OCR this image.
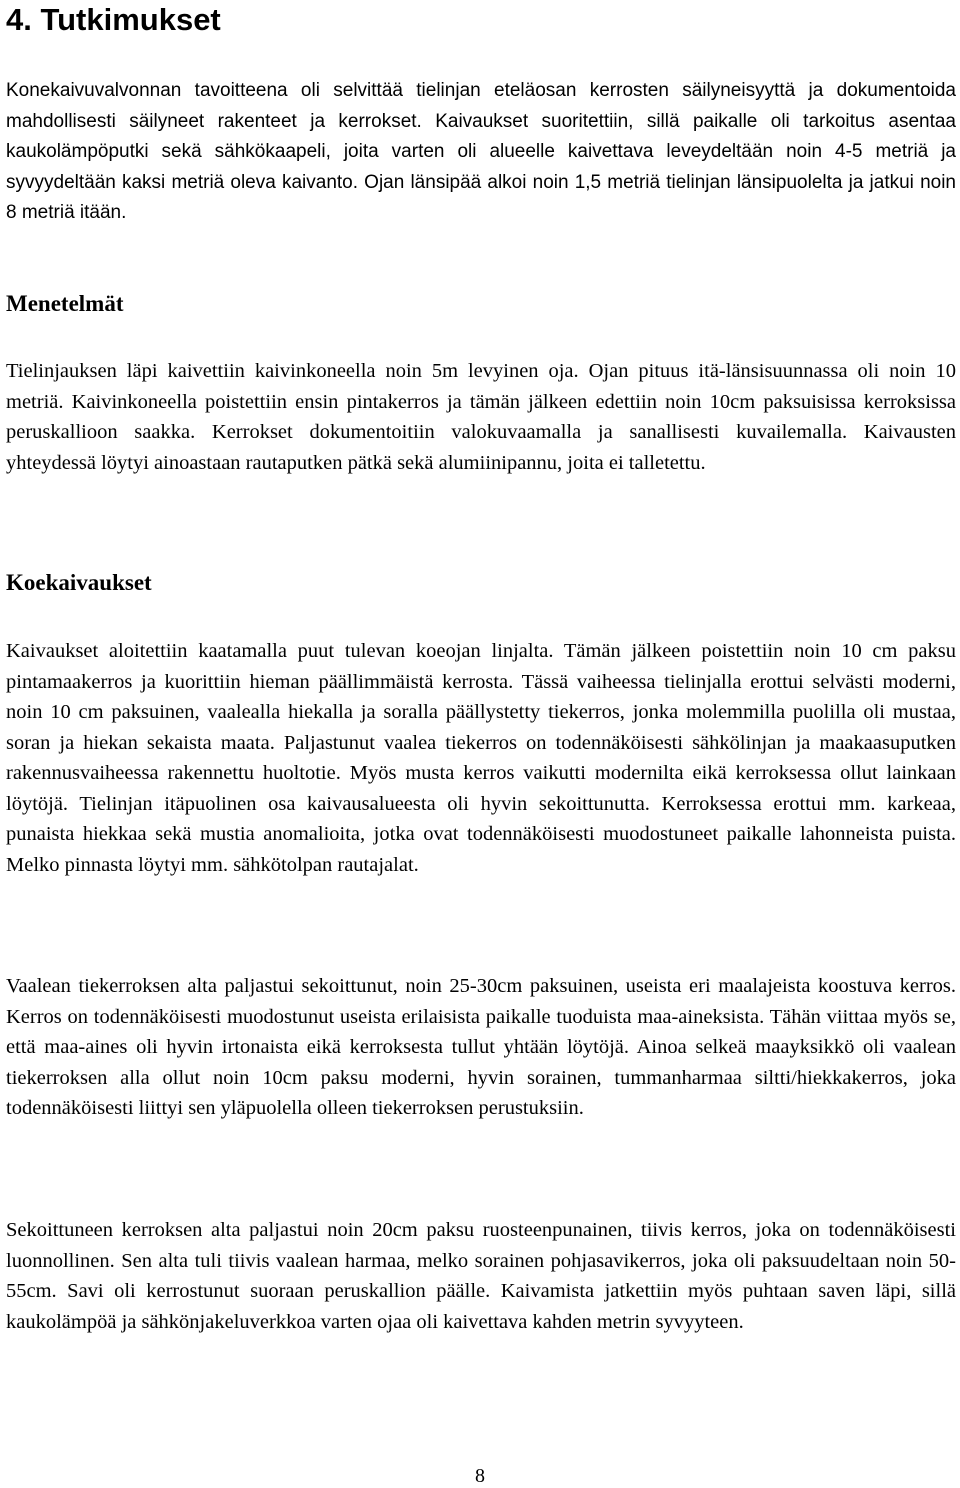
4. Tutkimukset

Konekaivuvalvonnan tavoitteena oli selvittää tielinjan eteläosan kerrosten säilyneisyyttä ja dokumentoida mahdollisesti säilyneet rakenteet ja kerrokset. Kaivaukset suoritettiin, sillä paikalle oli tarkoitus asentaa kaukolämpöputki sekä sähkökaapeli, joita varten oli alueelle kaivettava leveydeltään noin 4-5 metriä ja syvyydeltään kaksi metriä oleva kaivanto. Ojan länsipää alkoi noin 1,5 metriä tielinjan länsipuolelta ja jatkui noin 8 metriä itään.

Menetelmät

Tielinjauksen läpi kaivettiin kaivinkoneella noin 5m levyinen oja. Ojan pituus itä-länsisuunnassa oli noin 10 metriä. Kaivinkoneella poistettiin ensin pintakerros ja tämän jälkeen edettiin noin 10cm paksuisissa kerroksissa peruskallioon saakka. Kerrokset dokumentoitiin valokuvaamalla ja sanallisesti kuvailemalla. Kaivausten yhteydessä löytyi ainoastaan rautaputken pätkä sekä alumiinipannu, joita ei talletettu.

Koekaivaukset

Kaivaukset aloitettiin kaatamalla puut tulevan koeojan linjalta. Tämän jälkeen poistettiin noin 10 cm paksu pintamaakerros ja kuorittiin hieman päällimmäistä kerrosta. Tässä vaiheessa tielinjalla erottui selvästi moderni, noin 10 cm paksuinen, vaalealla hiekalla ja soralla päällystetty tiekerros, jonka molemmilla puolilla oli mustaa, soran ja hiekan sekaista maata. Paljastunut vaalea tiekerros on todennäköisesti sähkölinjan ja maakaasuputken rakennusvaiheessa rakennettu huoltotie. Myös musta kerros vaikutti modernilta eikä kerroksessa ollut lainkaan löytöjä. Tielinjan itäpuolinen osa kaivausalueesta oli hyvin sekoittunutta. Kerroksessa erottui mm. karkeaa, punaista hiekkaa sekä mustia anomalioita, jotka ovat todennäköisesti muodostuneet paikalle lahonneista puista. Melko pinnasta löytyi mm. sähkötolpan rautajalat.

Vaalean tiekerroksen alta paljastui sekoittunut, noin 25-30cm paksuinen, useista eri maalajeista koostuva kerros. Kerros on todennäköisesti muodostunut useista erilaisista paikalle tuoduista maa-aineksista. Tähän viittaa myös se, että maa-aines oli hyvin irtonaista eikä kerroksesta tullut yhtään löytöjä. Ainoa selkeä maayksikkö oli vaalean tiekerroksen alla ollut noin 10cm paksu moderni, hyvin sorainen, tummanharmaa siltti/hiekkakerros, joka todennäköisesti liittyi sen yläpuolella olleen tiekerroksen perustuksiin.

Sekoittuneen kerroksen alta paljastui noin 20cm paksu ruosteenpunainen, tiivis kerros, joka on todennäköisesti luonnollinen. Sen alta tuli tiivis vaalean harmaa, melko sorainen pohjasavikerros, joka oli paksuudeltaan noin 50-55cm. Savi oli kerrostunut suoraan peruskallion päälle. Kaivamista jatkettiin myös puhtaan saven läpi, sillä kaukolämpöä ja sähkönjakeluverkkoa varten ojaa oli kaivettava kahden metrin syvyyteen.

8
